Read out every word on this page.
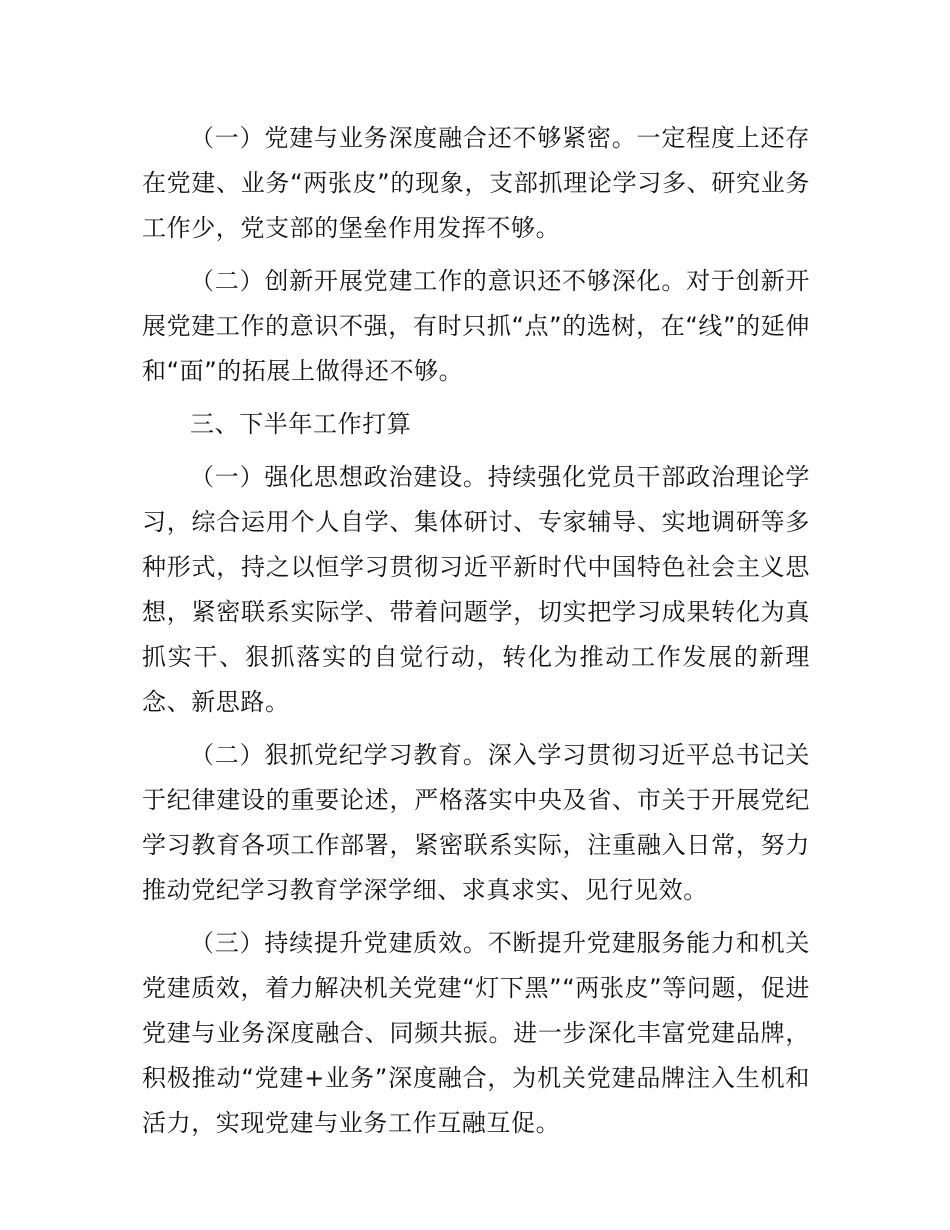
（一）党建与业务深度融合还不够紧密。一定程度上还存在党建、业务“两张皮”的现象，支部抓理论学习多、研究业务工作少，党支部的堡垒作用发挥不够。

（二）创新开展党建工作的意识还不够深化。对于创新开展党建工作的意识不强，有时只抓“点”的选树，在“线”的延伸和“面”的拓展上做得还不够。

三、下半年工作打算

（一）强化思想政治建设。持续强化党员干部政治理论学习，综合运用个人自学、集体研讨、专家辅导、实地调研等多种形式，持之以恒学习贯彻习近平新时代中国特色社会主义思想，紧密联系实际学、带着问题学，切实把学习成果转化为真抓实干、狠抓落实的自觉行动，转化为推动工作发展的新理念、新思路。

（二）狠抓党纪学习教育。深入学习贯彻习近平总书记关于纪律建设的重要论述，严格落实中央及省、市关于开展党纪学习教育各项工作部署，紧密联系实际，注重融入日常，努力推动党纪学习教育学深学细、求真求实、见行见效。

（三）持续提升党建质效。不断提升党建服务能力和机关党建质效，着力解决机关党建“灯下黑”“两张皮”等问题，促进党建与业务深度融合、同频共振。进一步深化丰富党建品牌，积极推动“党建+业务”深度融合，为机关党建品牌注入生机和活力，实现党建与业务工作互融互促。
